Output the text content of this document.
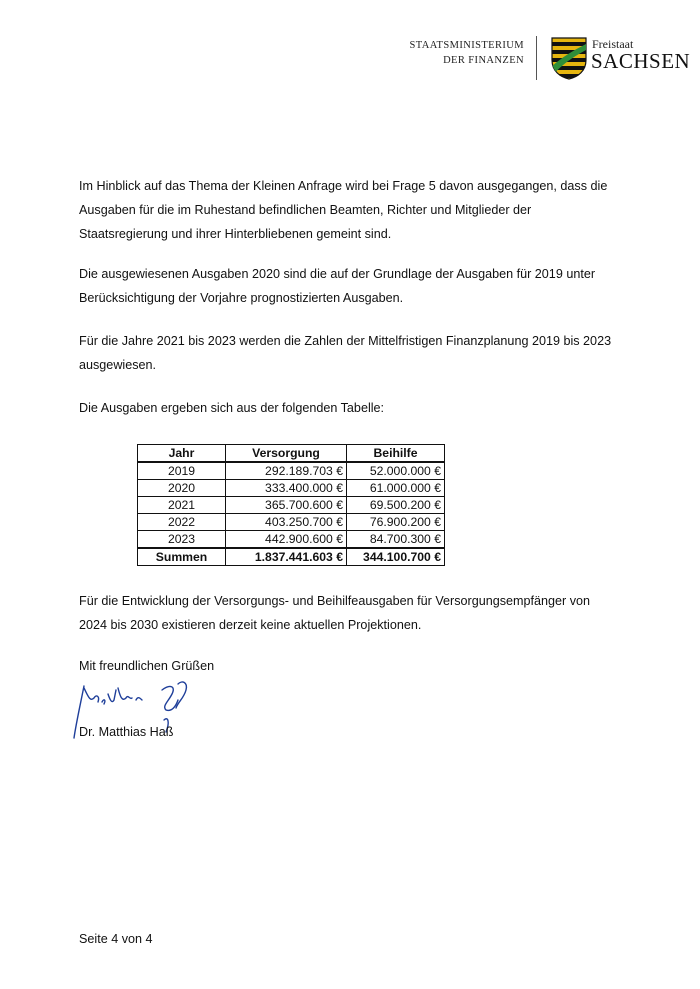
STAATSMINISTERIUM
DER FINANZEN
Freistaat
SACHSEN

Im Hinblick auf das Thema der Kleinen Anfrage wird bei Frage 5 davon ausgegangen, dass die Ausgaben für die im Ruhestand befindlichen Beamten, Richter und Mitglieder der Staatsregierung und ihrer Hinterbliebenen gemeint sind.

Die ausgewiesenen Ausgaben 2020 sind die auf der Grundlage der Ausgaben für 2019 unter Berücksichtigung der Vorjahre prognostizierten Ausgaben.

Für die Jahre 2021 bis 2023 werden die Zahlen der Mittelfristigen Finanzplanung 2019 bis 2023 ausgewiesen.

Die Ausgaben ergeben sich aus der folgenden Tabelle:

Jahr	Versorgung	Beihilfe
2019	292.189.703 €	52.000.000 €
2020	333.400.000 €	61.000.000 €
2021	365.700.600 €	69.500.200 €
2022	403.250.700 €	76.900.200 €
2023	442.900.600 €	84.700.300 €
Summen	1.837.441.603 €	344.100.700 €

Für die Entwicklung der Versorgungs- und Beihilfeausgaben für Versorgungsempfänger von 2024 bis 2030 existieren derzeit keine aktuellen Projektionen.

Mit freundlichen Grüßen

Dr. Matthias Haß

Seite 4 von 4
